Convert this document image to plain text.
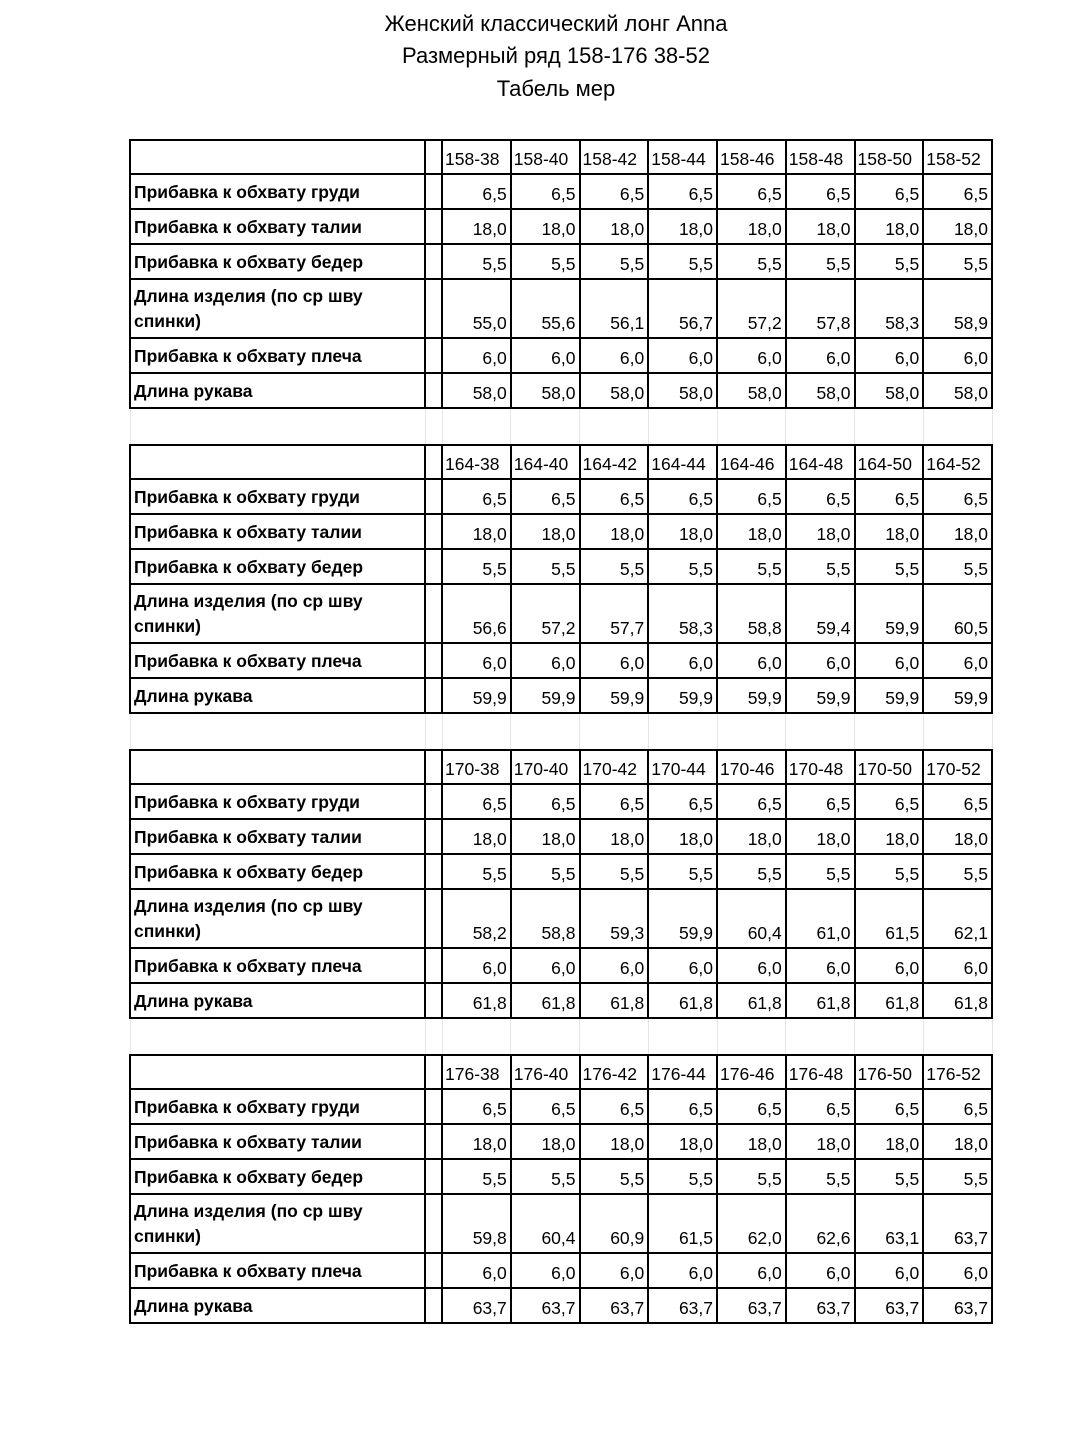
Женский классический лонг Anna
Размерный ряд 158-176 38-52
Табель мер
		158-38	158-40	158-42	158-44	158-46	158-48	158-50	158-52
Прибавка к обхвату груди		6,5	6,5	6,5	6,5	6,5	6,5	6,5	6,5
Прибавка к обхвату талии		18,0	18,0	18,0	18,0	18,0	18,0	18,0	18,0
Прибавка к обхвату бедер		5,5	5,5	5,5	5,5	5,5	5,5	5,5	5,5
Длина изделия (по ср шву спинки)		55,0	55,6	56,1	56,7	57,2	57,8	58,3	58,9
Прибавка к обхвату плеча		6,0	6,0	6,0	6,0	6,0	6,0	6,0	6,0
Длина рукава		58,0	58,0	58,0	58,0	58,0	58,0	58,0	58,0

		164-38	164-40	164-42	164-44	164-46	164-48	164-50	164-52
Прибавка к обхвату груди		6,5	6,5	6,5	6,5	6,5	6,5	6,5	6,5
Прибавка к обхвату талии		18,0	18,0	18,0	18,0	18,0	18,0	18,0	18,0
Прибавка к обхвату бедер		5,5	5,5	5,5	5,5	5,5	5,5	5,5	5,5
Длина изделия (по ср шву спинки)		56,6	57,2	57,7	58,3	58,8	59,4	59,9	60,5
Прибавка к обхвату плеча		6,0	6,0	6,0	6,0	6,0	6,0	6,0	6,0
Длина рукава		59,9	59,9	59,9	59,9	59,9	59,9	59,9	59,9

		170-38	170-40	170-42	170-44	170-46	170-48	170-50	170-52
Прибавка к обхвату груди		6,5	6,5	6,5	6,5	6,5	6,5	6,5	6,5
Прибавка к обхвату талии		18,0	18,0	18,0	18,0	18,0	18,0	18,0	18,0
Прибавка к обхвату бедер		5,5	5,5	5,5	5,5	5,5	5,5	5,5	5,5
Длина изделия (по ср шву спинки)		58,2	58,8	59,3	59,9	60,4	61,0	61,5	62,1
Прибавка к обхвату плеча		6,0	6,0	6,0	6,0	6,0	6,0	6,0	6,0
Длина рукава		61,8	61,8	61,8	61,8	61,8	61,8	61,8	61,8

		176-38	176-40	176-42	176-44	176-46	176-48	176-50	176-52
Прибавка к обхвату груди		6,5	6,5	6,5	6,5	6,5	6,5	6,5	6,5
Прибавка к обхвату талии		18,0	18,0	18,0	18,0	18,0	18,0	18,0	18,0
Прибавка к обхвату бедер		5,5	5,5	5,5	5,5	5,5	5,5	5,5	5,5
Длина изделия (по ср шву спинки)		59,8	60,4	60,9	61,5	62,0	62,6	63,1	63,7
Прибавка к обхвату плеча		6,0	6,0	6,0	6,0	6,0	6,0	6,0	6,0
Длина рукава		63,7	63,7	63,7	63,7	63,7	63,7	63,7	63,7
